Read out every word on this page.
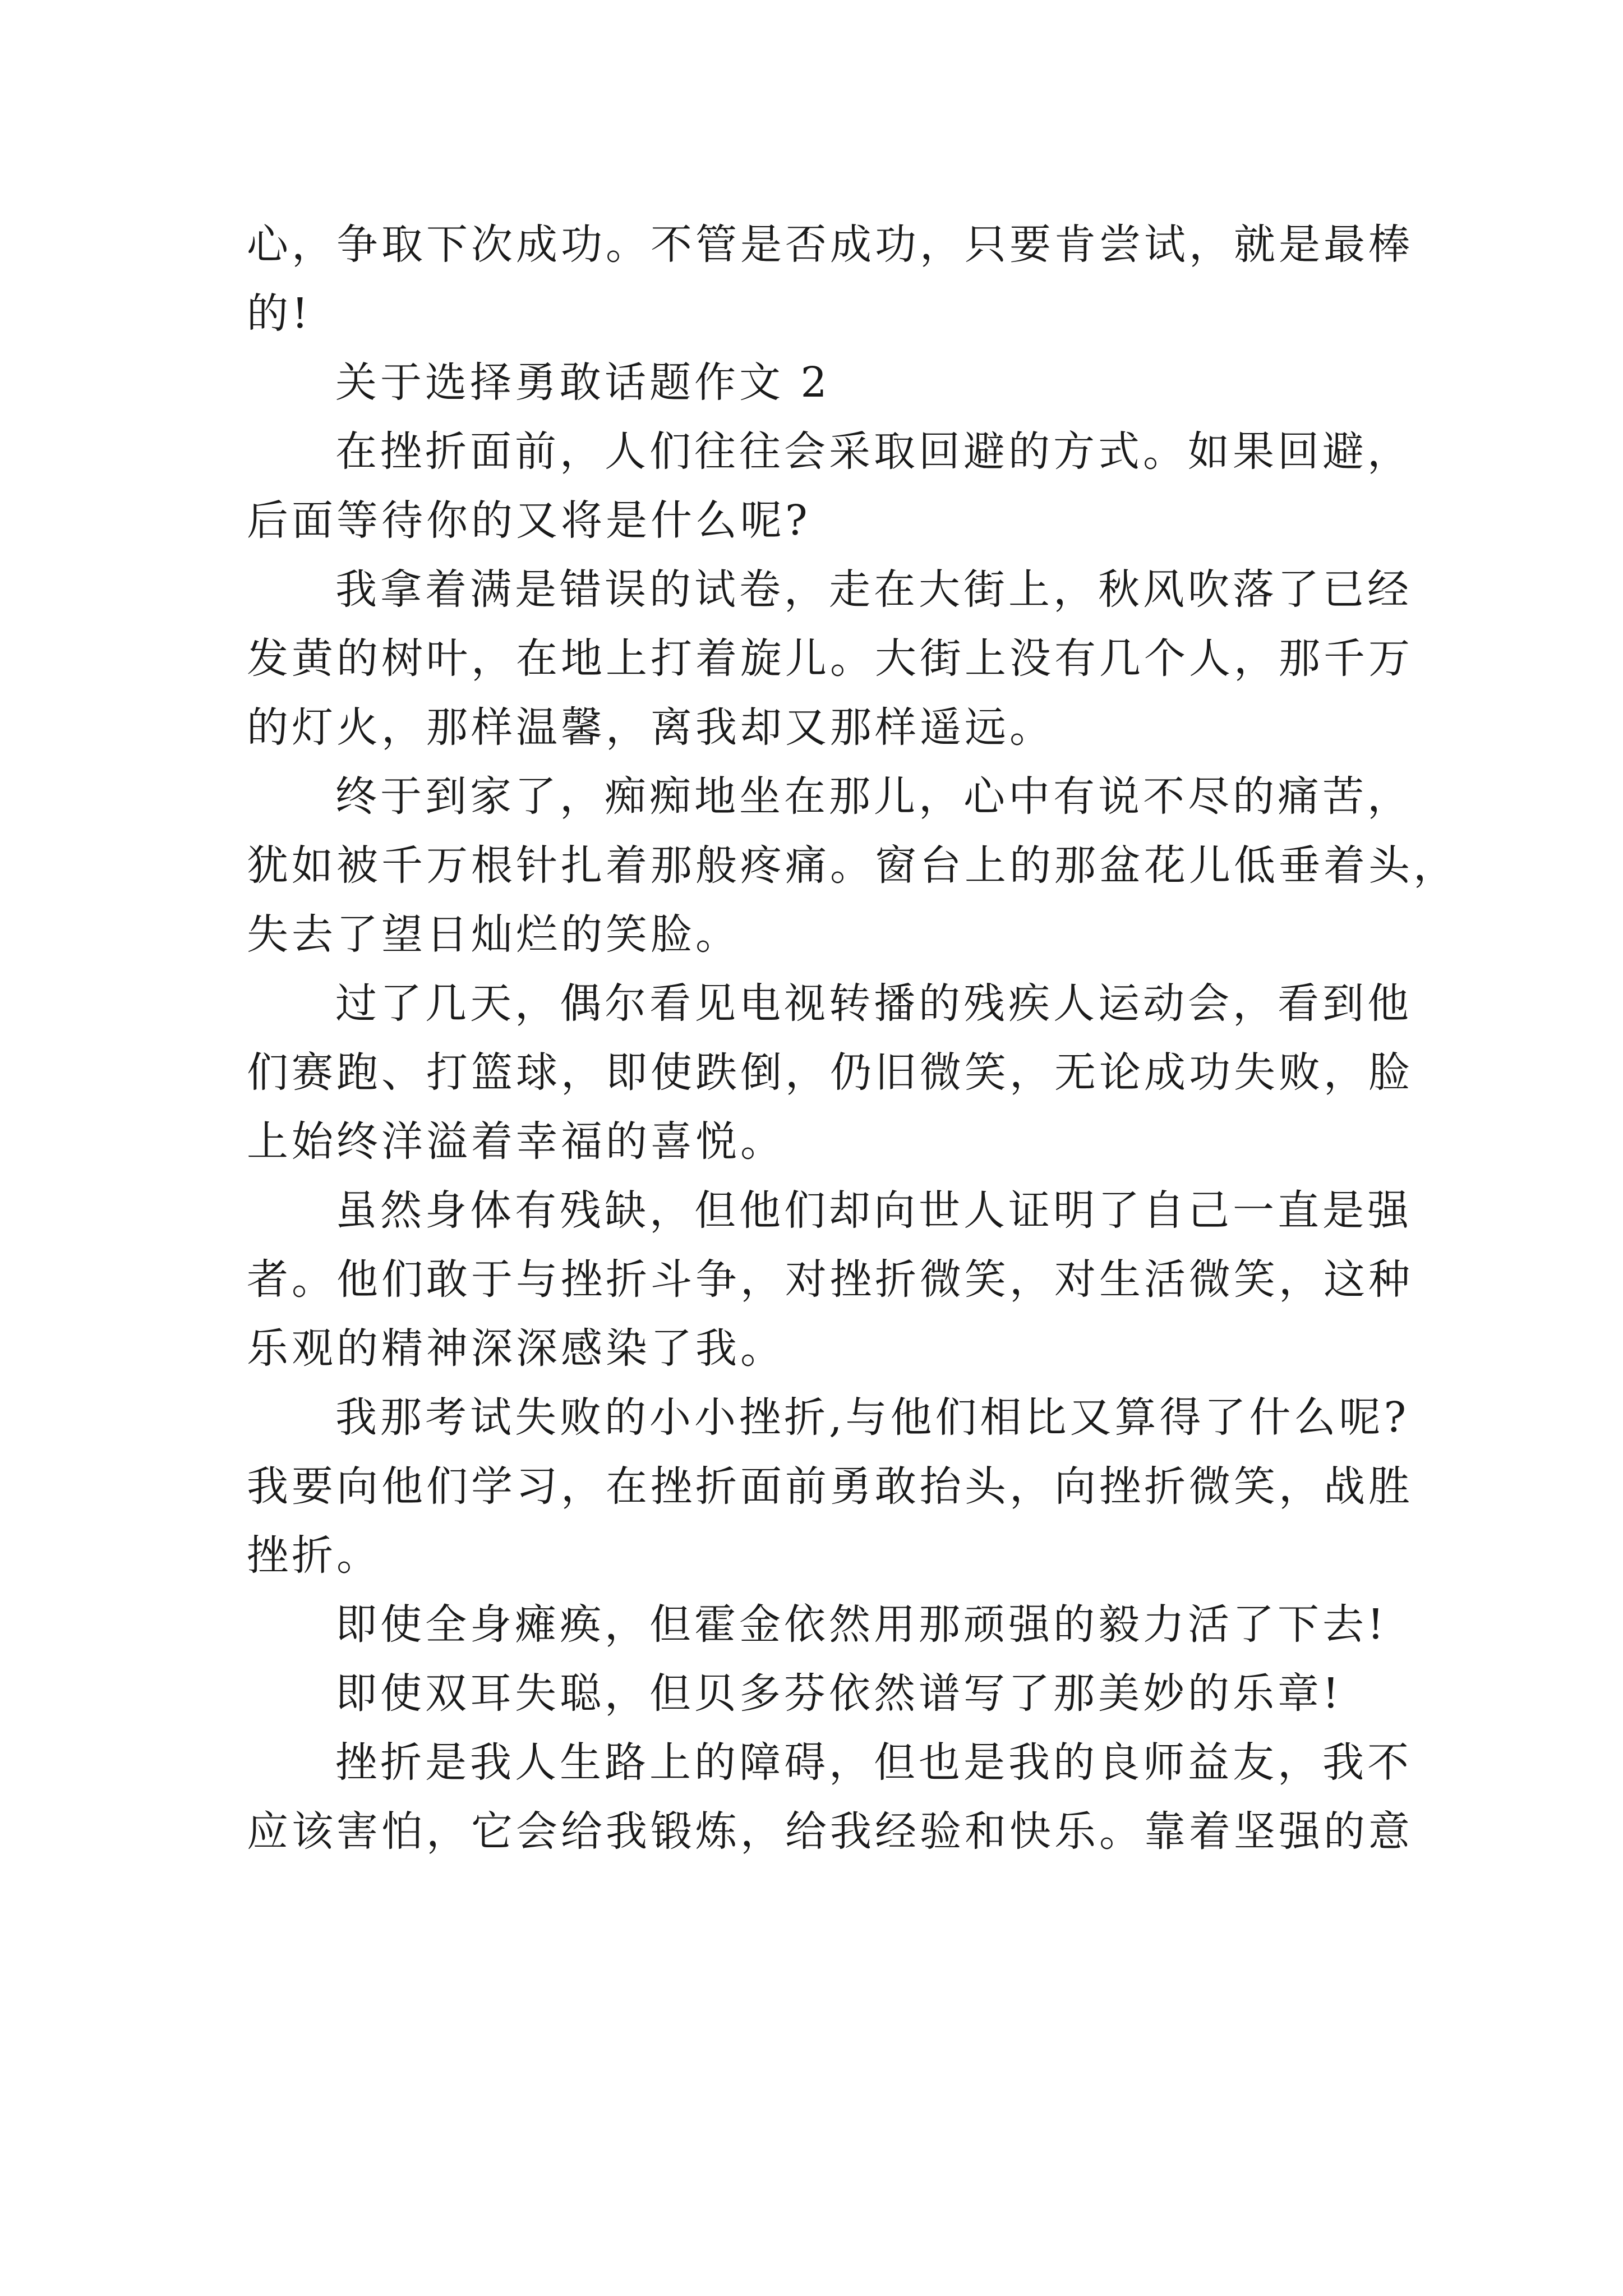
心，争取下次成功。不管是否成功，只要肯尝试，就是最棒
的!
关于选择勇敢话题作文 2
在挫折面前，人们往往会采取回避的方式。如果回避，
后面等待你的又将是什么呢?
我拿着满是错误的试卷，走在大街上，秋风吹落了已经
发黄的树叶，在地上打着旋儿。大街上没有几个人，那千万
的灯火，那样温馨，离我却又那样遥远。
终于到家了，痴痴地坐在那儿，心中有说不尽的痛苦，
犹如被千万根针扎着那般疼痛。窗台上的那盆花儿低垂着头，
失去了望日灿烂的笑脸。
过了几天，偶尔看见电视转播的残疾人运动会，看到他
们赛跑、打篮球，即使跌倒，仍旧微笑，无论成功失败，脸
上始终洋溢着幸福的喜悦。
虽然身体有残缺，但他们却向世人证明了自己一直是强
者。他们敢于与挫折斗争，对挫折微笑，对生活微笑，这种
乐观的精神深深感染了我。
我那考试失败的小小挫折,与他们相比又算得了什么呢?
我要向他们学习，在挫折面前勇敢抬头，向挫折微笑，战胜
挫折。
即使全身瘫痪，但霍金依然用那顽强的毅力活了下去!
即使双耳失聪，但贝多芬依然谱写了那美妙的乐章!
挫折是我人生路上的障碍，但也是我的良师益友，我不
应该害怕，它会给我锻炼，给我经验和快乐。靠着坚强的意
